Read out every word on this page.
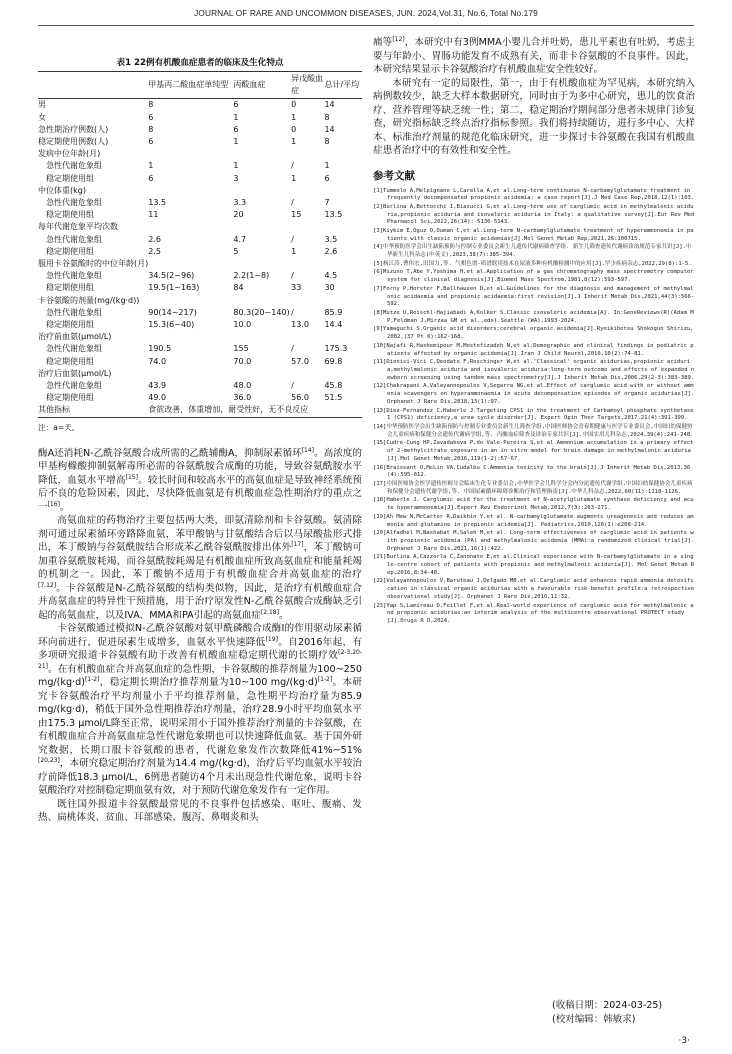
JOURNAL OF RARE AND UNCOMMON DISEASES, JUN. 2024,Vol.31, No.6, Total No.179
表1 22例有机酸血症患者的临床及生化特点
	甲基丙二酸血症单纯型	丙酸血症	异戊酸血症	总计/平均
男	8	6	0	14
女	6	1	1	8
急性期治疗例数(人)	8	6	0	14
稳定期使用例数(人)	6	1	1	8
发病中位年龄(月)				
急性代谢危象组	1	1	/	1
稳定期使用组	6	3	1	6
中位体重(kg)				
急性代谢危象组	13.5	3.3	/	7
稳定期使用组	11	20	15	13.5
每年代谢危象平均次数				
急性代谢危象组	2.6	4.7	/	3.5
稳定期使用组	2.5	5	1	2.6
服用卡谷氨酸时的中位年龄(月)				
急性代谢危象组	34.5(2~96)	2.2(1~8)	/	4.5
稳定期使用组	19.5(1~163)	84	33	30
卡谷氨酸的剂量(mg/(kg·d))				
急性代谢危象组	90(14~217)	80.3(20~140)	/	85.9
稳定期使用组	15.3(6~40)	10.0	13.0	14.4
治疗前血氨(μmol/L)				
急性代谢危象组	190.5	155	/	175.3
稳定期使用组	74.0	70.0	57.0	69.8
治疗后血氨(μmol/L)				
急性代谢危象组	43.9	48.0	/	45.8
稳定期使用组	49.0	36.0	56.0	51.5
其他指标	食欲改善，体重增加，耐受性好，无不良反应			
注：a=天。

酶A还消耗N-乙酰谷氨酸合成所需的乙酰辅酶A，抑制尿素循环[14]。高浓度的甲基枸橼酸抑制氨解毒所必需的谷氨酰胺合成酶的功能，导致谷氨酰胺水平降低，血氨水平增高[15]。较长时间和较高水平的高氨血症是导致神经系统预后不良的危险因素，因此，尽快降低血氨是有机酸血症急性期治疗的重点之一[16]。

高氨血症的药物治疗主要包括两大类，即氨清除剂和卡谷氨酸。氨清除剂可通过尿素循环旁路降血氨，苯甲酸钠与甘氨酸结合后以马尿酸盐形式排出，苯丁酸钠与谷氨酰胺结合形成苯乙酰谷氨酰胺排出体外[17]，苯丁酸钠可加重谷氨酰胺耗竭，而谷氨酰胺耗竭是有机酸血症所致高氨血症和能量耗竭的机制之一。因此，苯丁酸钠不适用于有机酸血症合并高氨血症的治疗[7,12]。卡谷氨酸是N-乙酰谷氨酸的结构类似物，因此，是治疗有机酸血症合并高氨血症的特异性干预措施，用于治疗原发性N-乙酰谷氨酸合成酶缺乏引起的高氨血症，以及IVA、MMA和PA引起的高氨血症[2,18]。

卡谷氨酸通过模拟N-乙酰谷氨酸对氨甲酰磷酸合成酶I的作用驱动尿素循环向前进行，促进尿素生成增多，血氨水平快速降低[19]。自2016年起，有多项研究报道卡谷氨酸有助于改善有机酸血症稳定期代谢的长期疗效[2-3,20-21]。在有机酸血症合并高氨血症的急性期，卡谷氨酸的推荐剂量为100~250 mg/(kg·d)[1-2]，稳定期长期治疗推荐剂量为10~100 mg/(kg·d)[1-2]。本研究卡谷氨酸治疗平均剂量小于平均推荐剂量，急性期平均治疗量为85.9 mg/(kg·d)，稍低于国外急性期推荐治疗剂量，治疗28.9小时平均血氨水平由175.3 μmol/L降至正常，说明采用小于国外推荐治疗剂量的卡谷氨酸，在有机酸血症合并高氨血症急性代谢危象期也可以快速降低血氨。基于国外研究数据，长期口服卡谷氨酸的患者，代谢危象发作次数降低41%~51%[20,23]，本研究稳定期治疗剂量为14.4 mg/(kg·d)，治疗后平均血氨水平较治疗前降低18.3 μmol/L，6例患者随访4个月未出现急性代谢危象，说明卡谷氨酸治疗对控制稳定期血氨有效，对于预防代谢危象发作有一定作用。

既往国外报道卡谷氨酸最常见的不良事件包括感染、呕吐、腹痛、发热、扁桃体炎、贫血、耳部感染、腹泻、鼻咽炎和头

痛等[12]，本研究中有3例MMA小婴儿合并吐奶，患儿平素也有吐奶，考虑主要与年龄小、胃肠功能发育不成熟有关，而非卡谷氨酸的不良事件。因此，本研究结果显示卡谷氨酸治疗有机酸血症安全性较好。

本研究有一定的局限性，第一，由于有机酸血症为罕见病，本研究纳入病例数较少，缺乏大样本数据研究，同时由于为多中心研究，患儿的饮食治疗、营养管理等缺乏统一性；第二，稳定期治疗期间部分患者未规律门诊复查，研究指标缺乏终点治疗指标参照。我们将持续随访，进行多中心、大样本、标准治疗剂量的规范化临床研究，进一步探讨卡谷氨酸在我国有机酸血症患者治疗中的有效性和安全性。

参考文献
[1]Tummolo A,Melpignano L,Carella A,et al.Long-term continuous N-carbamylglutamate treatment in frequently decompensated propionic acidemia: a case report[J].J Med Case Rep,2018,12(1):103.
[2]Burlina A,Bettocchi I,Biasucci G,et al.Long-term use of carglumic acid in methylmalonic aciduria,propionic aciduria and isovaleric aciduria in Italy: a qualitative survey[J].Eur Rev Med Pharmacol Sci,2022,26(14): 5136-5143.
[3]Kiykim E,Oguz O,Duman C,et al.Long-term N-carbamylglutamate treatment of hyperammonemia in patients with classic organic acidemias[J].Mol Genet Metab Rep,2021,26:100715.
[4]中华预防医学会出生缺陷预防与控制专业委员会新生儿遗传代谢病筛查学组. 新生儿筛查遗传代谢病诊治规范专家共识[J].中华新生儿科杂志(中英文),2023,38(7):385-394.
[5]杨江涛,曹伟宏,田国力,等. 气相色谱-质谱联用技术在尿液多种有机酸检测中的应用[J].罕少疾病杂志,2022,29(8):1-5.
[6]Mizuno T,Abe Y,Yoshima H,et al.Application of a gas chromatography mass spectrometry computer system for clinical diagnosis[J].Biomed Mass Spectrom,1981,8(12):593-597.
[7]Forny P,Horster F,Ballhausen D,et al.Guidelines for the diagnosis and management of methylmalonic acidaemia and propionic acidaemia:first revision[J].J Inherit Metab Dis,2021,44(3):566-592.
[8]Mutze U,Reischl-Hajiabadi A,Kolker S.Classic isovaleric acidemia[A]. In:GeneReviews(R)(Adam MP,Feldman J,Mirzaa GM et al.,eds).Seattle (WA),1993-2024.
[9]Yamaguchi S.Organic acid disorders:cerebral organic acidemia[J].Ryoikibetsu Shokogun Shirizu,2002,(37 Pt 6):162-168.
[10]Najafi R,Hashemipour M,Mostofizadeh N,et al.Demographic and clinical findings in pediatric patients affected by organic acidemia[J].Iran J Child Neurol,2016,10(2):74-81.
[11]Dionisi-Vici C,Deodato F,Roschinger W,et al.'Classical' organic acidurias,propionic aciduria,methylmalonic aciduria and isovaleric aciduria:long-term outcome and effects of expanded newborn screening using tandem mass spectrometry[J].J Inherit Metab Dis,2006,29(2-3):383-389.
[12]Chakrapani A,Valayannopoulos V,Segarra NG,et al.Effect of carglumic acid with or without ammonia scavengers on hyperammonaemia in acute decompensation episodes of organic acidurias[J].Orphanet J Rare Dis,2018,13(1):97.
[13]Diez-Fernandez C,Haberle J.Targeting CPS1 in the treatment of Carbamoyl phosphate synthetase 1 (CPS1) deficiency,a urea cycle disorder[J]. Expert Opin Ther Targets,2017,21(4):391-399.
[14]中华预防医学会出生缺陷预防与控制专业委员会新生儿筛查学组,中国医师协会青春期健康与医学专业委员会,中国妇幼保健协会儿童疾病和保健分会遗传代谢病学组,等. 丙酸血症筛查及诊治专家共识[J].中国实用儿科杂志,2024,39(4):241-248.
[15]Cudre-Cung HP,Zavadakova P,do Vale-Pereira S,et al.Ammonium accumulation is a primary effect of 2-methylcitrate exposure in an in vitro model for brain damage in methylmalonic aciduria[J].Mol Genet Metab,2016,119(1-2):57-67.
[16]Braissant O,McLin VA,Cudalbu C.Ammonia toxicity to the brain[J].J Inherit Metab Dis,2013,36(4):595-612.
[17]中国医师协会医学遗传医师分会临床生化专业委员会,中华医学会儿科学分会内分泌遗传代谢学组,中国妇幼保健协会儿童疾病和保健分会遗传代谢学组,等. 中国尿素循环障碍诊断治疗和管理指南[J].中华儿科杂志,2022,60(11):1118-1126.
[18]Haberle J. Carglumic acid for the treatment of N-acetylglutamate synthase deficiency and acute hyperammonemia[J].Expert Rev Endocrinol Metab,2012,7(3):263-271.
[19]Ah Mew N,McCarter R,Daikhin Y,et al. N-carbamylglutamate augments ureagenesis and reduces ammonia and glutamine in propionic acidemia[J]. Pediatrics,2010,126(1):e208-214.
[20]Alfadhel M,Nashabat M,Saleh M,et al. Long-term effectiveness of carglumic acid in patients with propionic acidemia (PA) and methylmalonic acidemia (MMA):a randomized clinical trial[J].Orphanet J Rare Dis,2021,16(1):422.
[21]Burlina A,Cazzorla C,Zanonato E,et al.Clinical experience with N-carbamylglutamate in a single-centre cohort of patients with propionic and methylmalonic aciduria[J]. Mol Genet Metab Rep,2016,8:34-40.
[22]Valayannopoulos V,Baruteau J,Delgado MB,et al.Carglumic acid enhances rapid ammonia detoxification in classical organic acidurias with a favourable risk-benefit profile:a retrospective observational study[J]. Orphanet J Rare Dis,2016,11:32.
[23]Yap S,Lamireau D,Feillet F,et al.Real-world experience of carglumic acid for methylmalonic and propionic acidurias:an interim analysis of the multicentre observational PROTECT study[J].Drugs R D,2024.
(收稿日期：2024-03-25)
(校对编辑：韩敏求)
·3·
